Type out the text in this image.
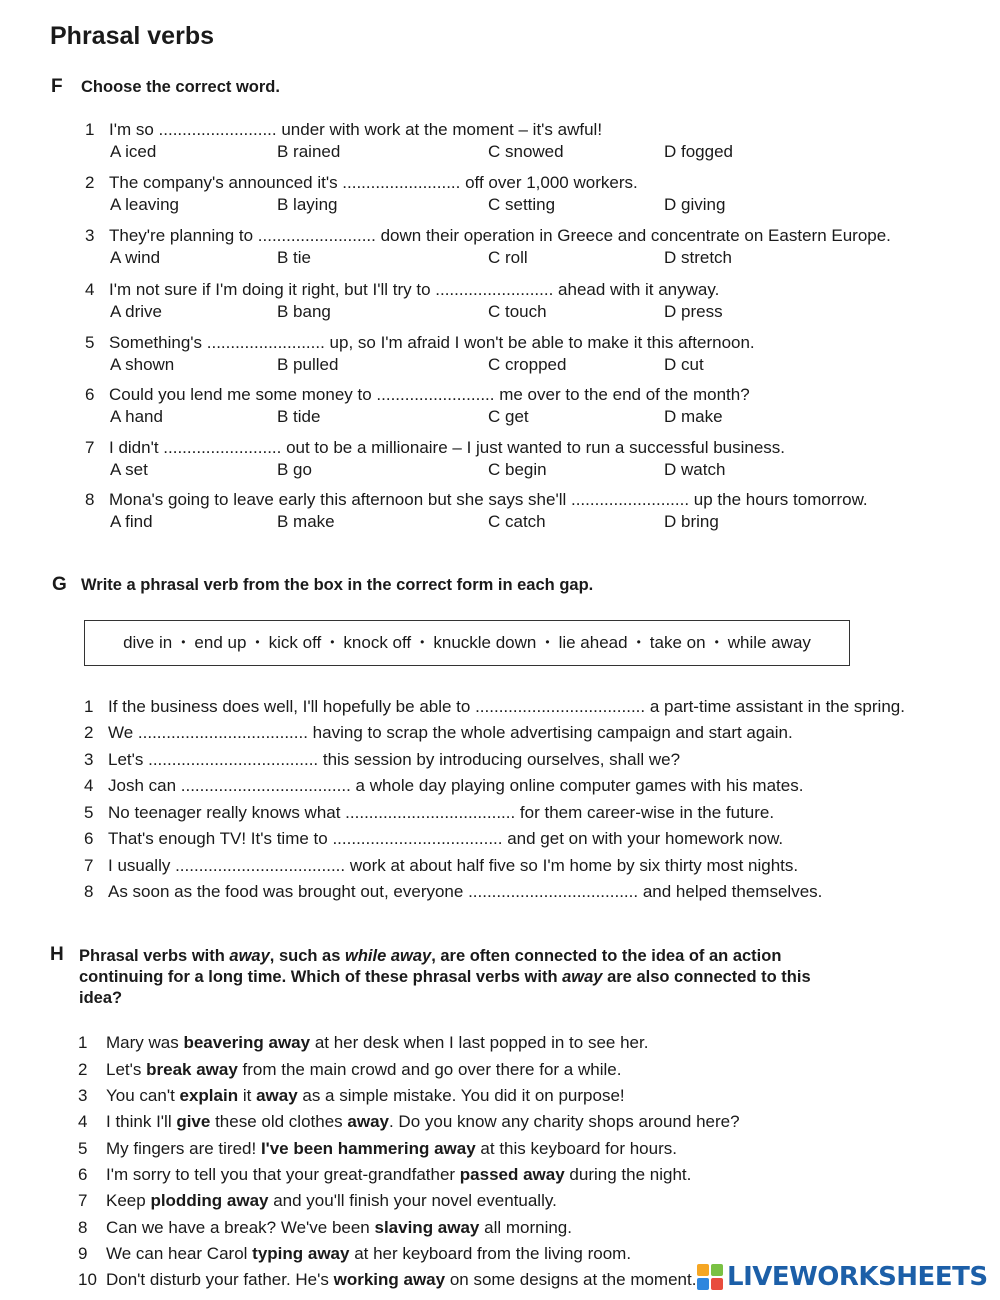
Phrasal verbs
F Choose the correct word.
1 I'm so ......................... under with work at the moment – it's awful!
A iced	B rained	C snowed	D fogged
2 The company's announced it's ......................... off over 1,000 workers.
A leaving	B laying	C setting	D giving
3 They're planning to ......................... down their operation in Greece and concentrate on Eastern Europe.
A wind	B tie	C roll	D stretch
4 I'm not sure if I'm doing it right, but I'll try to ......................... ahead with it anyway.
A drive	B bang	C touch	D press
5 Something's ......................... up, so I'm afraid I won't be able to make it this afternoon.
A shown	B pulled	C cropped	D cut
6 Could you lend me some money to ......................... me over to the end of the month?
A hand	B tide	C get	D make
7 I didn't ......................... out to be a millionaire – I just wanted to run a successful business.
A set	B go	C begin	D watch
8 Mona's going to leave early this afternoon but she says she'll ......................... up the hours tomorrow.
A find	B make	C catch	D bring
G Write a phrasal verb from the box in the correct form in each gap.
dive in • end up • kick off • knock off • knuckle down • lie ahead • take on • while away
1 If the business does well, I'll hopefully be able to .................................... a part-time assistant in the spring.
2 We .................................... having to scrap the whole advertising campaign and start again.
3 Let's .................................... this session by introducing ourselves, shall we?
4 Josh can .................................... a whole day playing online computer games with his mates.
5 No teenager really knows what .................................... for them career-wise in the future.
6 That's enough TV! It's time to .................................... and get on with your homework now.
7 I usually .................................... work at about half five so I'm home by six thirty most nights.
8 As soon as the food was brought out, everyone .................................... and helped themselves.
H Phrasal verbs with away, such as while away, are often connected to the idea of an action continuing for a long time. Which of these phrasal verbs with away are also connected to this idea?
1 Mary was beavering away at her desk when I last popped in to see her.
2 Let's break away from the main crowd and go over there for a while.
3 You can't explain it away as a simple mistake. You did it on purpose!
4 I think I'll give these old clothes away. Do you know any charity shops around here?
5 My fingers are tired! I've been hammering away at this keyboard for hours.
6 I'm sorry to tell you that your great-grandfather passed away during the night.
7 Keep plodding away and you'll finish your novel eventually.
8 Can we have a break? We've been slaving away all morning.
9 We can hear Carol typing away at her keyboard from the living room.
10 Don't disturb your father. He's working away on some designs at the moment. LIVEWORKSHEETS
